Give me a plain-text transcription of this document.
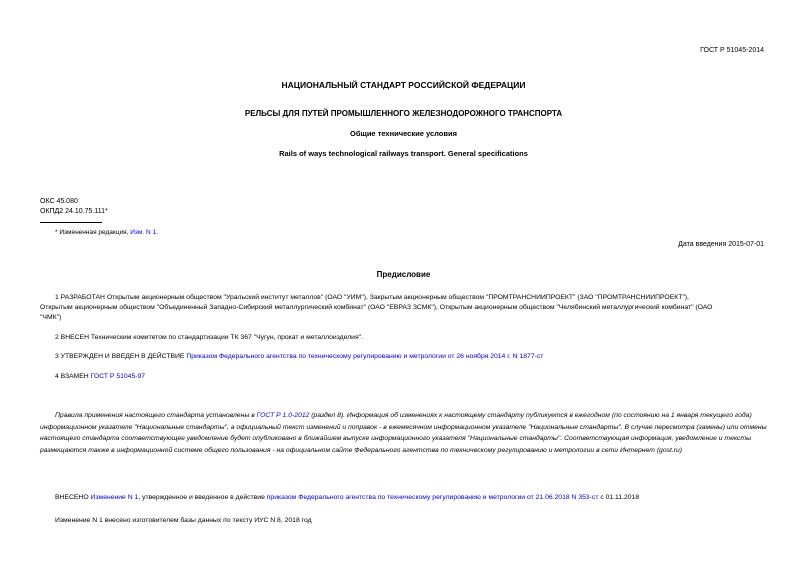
ГОСТ Р 51045-2014
НАЦИОНАЛЬНЫЙ СТАНДАРТ РОССИЙСКОЙ ФЕДЕРАЦИИ
РЕЛЬСЫ ДЛЯ ПУТЕЙ ПРОМЫШЛЕННОГО ЖЕЛЕЗНОДОРОЖНОГО ТРАНСПОРТА
Общие технические условия
Rails of ways technological railways transport. General specifications
ОКС 45.080
ОКПД2 24.10.75.111*
* Измененная редакция, Изм. N 1.
Дата введения 2015-07-01
Предисловие
1 РАЗРАБОТАН Открытым акционерным обществом "Уральский институт металлов" (ОАО "УИМ"), Закрытым акционерным обществом "ПРОМТРАНСНИИПРОЕКТ" (ЗАО "ПРОМТРАНСНИИПРОЕКТ"),
Открытым акционерным обществом "Объединенный Западно-Сибирский металлургический комбинат" (ОАО "ЕВРАЗ ЗСМК"), Открытым акционерным обществом "Челябинский металлургический комбинат" (ОАО
"ЧМК")
2 ВНЕСЕН Техническим комитетом по стандартизации ТК 367 "Чугун, прокат и металлоизделия".
3 УТВЕРЖДЕН И ВВЕДЕН В ДЕЙСТВИЕ Приказом Федерального агентства по техническому регулированию и метрологии от 26 ноября 2014 г. N 1877-ст
4 ВЗАМЕН ГОСТ Р 51045-97
Правила применения настоящего стандарта установлены в ГОСТ Р 1.0-2012 (раздел 8). Информация об изменениях к настоящему стандарту публикуется в ежегодном (по состоянию на 1 января текущего года) информационном указателе "Национальные стандарты", а официальный текст изменений и поправок - в ежемесячном информационном указателе "Национальные стандарты". В случае пересмотра (замены) или отмены настоящего стандарта соответствующее уведомление будет опубликовано в ближайшем выпуске информационного указателя "Национальные стандарты". Соответствующая информация, уведомление и тексты размещаются также в информационной системе общего пользования - на официальном сайте Федерального агентства по техническому регулированию и метрологии в сети Интернет (gost.ru)
ВНЕСЕНО Изменение N 1, утвержденное и введенное в действие приказом Федерального агентства по техническому регулированию и метрологии от 21.06.2018 N 353-ст с 01.11.2018
Изменение N 1 внесено изготовителем базы данных по тексту ИУС N 8, 2018 год
